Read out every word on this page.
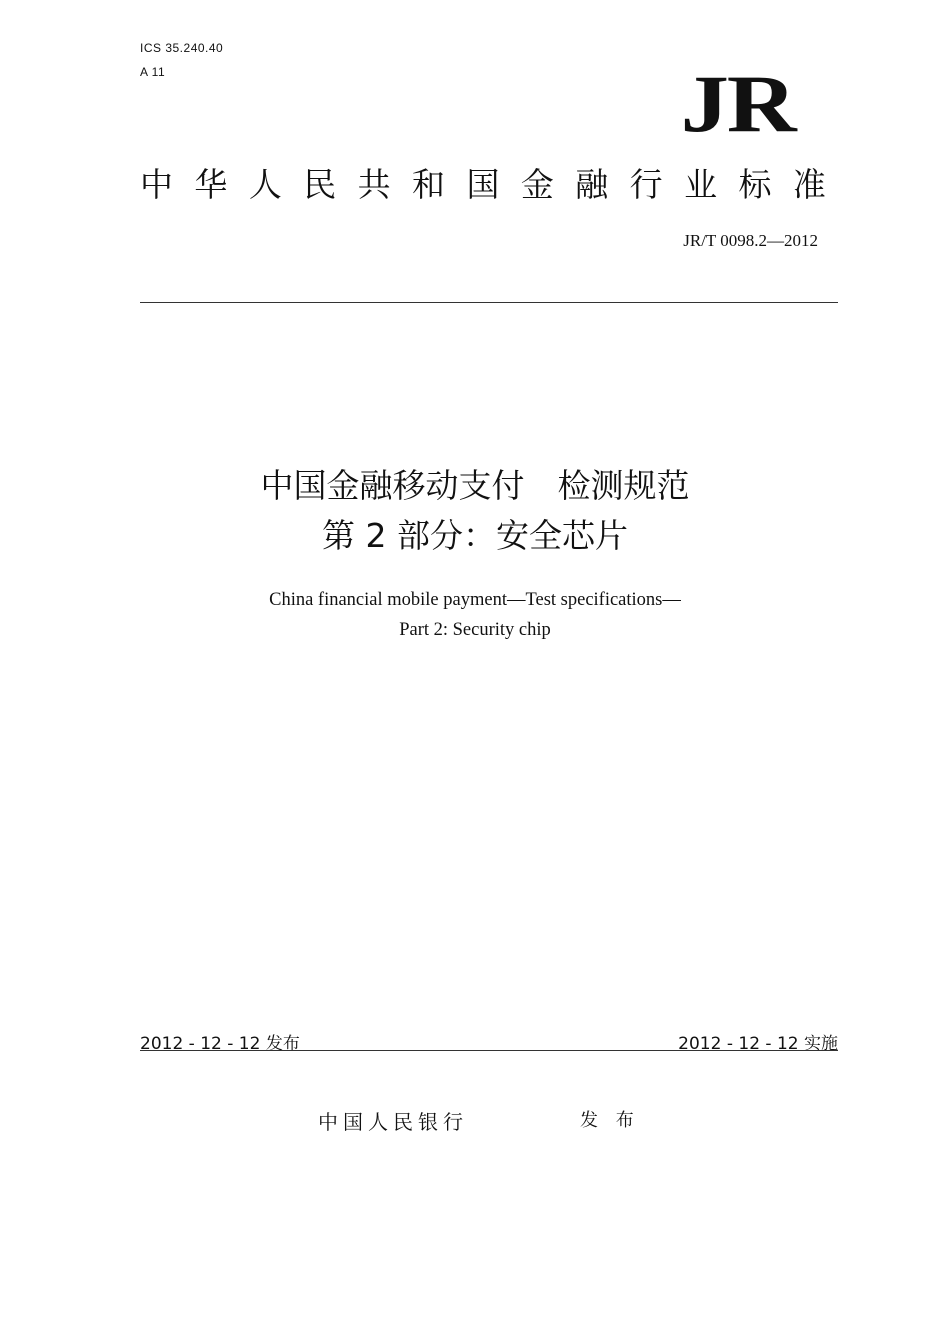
ICS 35.240.40
A 11	JR
中 华 人 民 共 和 国 金 融 行 业 标 准
JR/T 0098.2—2012
中国金融移动支付　检测规范
第 2 部分：安全芯片
China financial mobile payment—Test specifications—
Part 2: Security chip
2012 - 12 - 12 发布	2012 - 12 - 12 实施
中国人民银行	发 布
